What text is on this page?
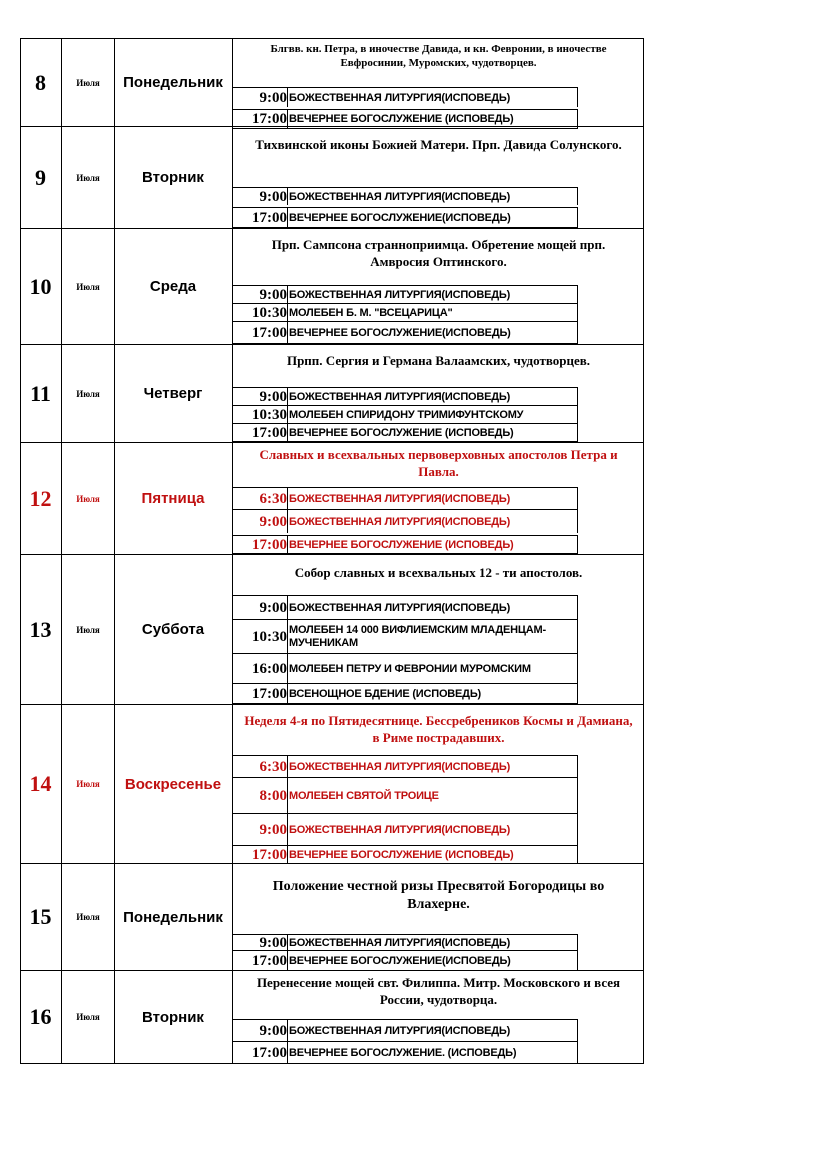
8	Июля	Понедельник
Блгвв. кн. Петра, в иночестве Давида, и кн. Февронии, в иночестве Евфросинии, Муромских, чудотворцев.
9:00 БОЖЕСТВЕННАЯ ЛИТУРГИЯ(ИСПОВЕДЬ)
17:00 ВЕЧЕРНЕЕ БОГОСЛУЖЕНИЕ (ИСПОВЕДЬ)
9	Июля	Вторник
Тихвинской иконы Божией Матери. Прп. Давида Солунского.
9:00 БОЖЕСТВЕННАЯ ЛИТУРГИЯ(ИСПОВЕДЬ)
17:00 ВЕЧЕРНЕЕ БОГОСЛУЖЕНИЕ(ИСПОВЕДЬ)
10	Июля	Среда
Прп. Сампсона странноприимца. Обретение мощей прп. Амвросия Оптинского.
9:00 БОЖЕСТВЕННАЯ ЛИТУРГИЯ(ИСПОВЕДЬ)
10:30 МОЛЕБЕН Б. М. "ВСЕЦАРИЦА"
17:00 ВЕЧЕРНЕЕ БОГОСЛУЖЕНИЕ(ИСПОВЕДЬ)
11	Июля	Четверг
Прпп. Сергия и Германа Валаамских, чудотворцев.
9:00 БОЖЕСТВЕННАЯ ЛИТУРГИЯ(ИСПОВЕДЬ)
10:30 МОЛЕБЕН СПИРИДОНУ ТРИМИФУНТСКОМУ
17:00 ВЕЧЕРНЕЕ БОГОСЛУЖЕНИЕ (ИСПОВЕДЬ)
12	Июля	Пятница
Славных и всехвальных первоверховных апостолов Петра и Павла.
6:30 БОЖЕСТВЕННАЯ ЛИТУРГИЯ(ИСПОВЕДЬ)
9:00 БОЖЕСТВЕННАЯ ЛИТУРГИЯ(ИСПОВЕДЬ)
17:00 ВЕЧЕРНЕЕ БОГОСЛУЖЕНИЕ (ИСПОВЕДЬ)
13	Июля	Суббота
Собор славных и всехвальных 12 - ти апостолов.
9:00 БОЖЕСТВЕННАЯ ЛИТУРГИЯ(ИСПОВЕДЬ)
10:30 МОЛЕБЕН 14 000 ВИФЛИЕМСКИМ МЛАДЕНЦАМ-МУЧЕНИКАМ
16:00 МОЛЕБЕН ПЕТРУ И ФЕВРОНИИ МУРОМСКИМ
17:00 ВСЕНОЩНОЕ БДЕНИЕ (ИСПОВЕДЬ)
14	Июля	Воскресенье
Неделя 4-я по Пятидесятнице. Бессребреников Космы и Дамиана, в Риме пострадавших.
6:30 БОЖЕСТВЕННАЯ ЛИТУРГИЯ(ИСПОВЕДЬ)
8:00 МОЛЕБЕН СВЯТОЙ ТРОИЦЕ
9:00 БОЖЕСТВЕННАЯ ЛИТУРГИЯ(ИСПОВЕДЬ)
17:00 ВЕЧЕРНЕЕ БОГОСЛУЖЕНИЕ (ИСПОВЕДЬ)
15	Июля	Понедельник
Положение честной ризы Пресвятой Богородицы во Влахерне.
9:00 БОЖЕСТВЕННАЯ ЛИТУРГИЯ(ИСПОВЕДЬ)
17:00 ВЕЧЕРНЕЕ БОГОСЛУЖЕНИЕ(ИСПОВЕДЬ)
16	Июля	Вторник
Перенесение мощей свт. Филиппа. Митр. Московского и всея России, чудотворца.
9:00 БОЖЕСТВЕННАЯ ЛИТУРГИЯ(ИСПОВЕДЬ)
17:00 ВЕЧЕРНЕЕ БОГОСЛУЖЕНИЕ. (ИСПОВЕДЬ)
